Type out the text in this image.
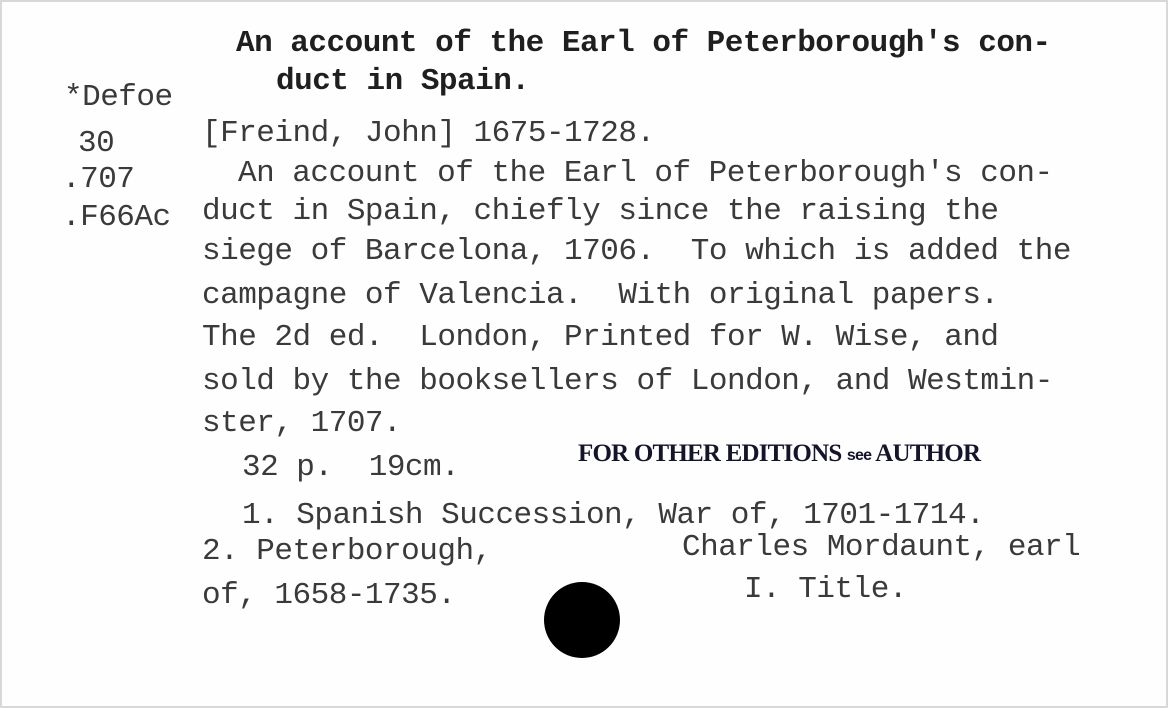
An account of the Earl of Peterborough's con-
duct in Spain.
*Defoe
30
.707
.F66Ac
[Freind, John] 1675-1728.
An account of the Earl of Peterborough's con-
duct in Spain, chiefly since the raising the
siege of Barcelona, 1706.  To which is added the
campagne of Valencia.  With original papers.
The 2d ed.  London, Printed for W. Wise, and
sold by the booksellers of London, and Westmin-
ster, 1707.
32 p.  19cm.	FOR OTHER EDITIONS see AUTHOR
1. Spanish Succession, War of, 1701-1714.
2. Peterborough,	Charles Mordaunt, earl
of, 1658-1735.	I. Title.
